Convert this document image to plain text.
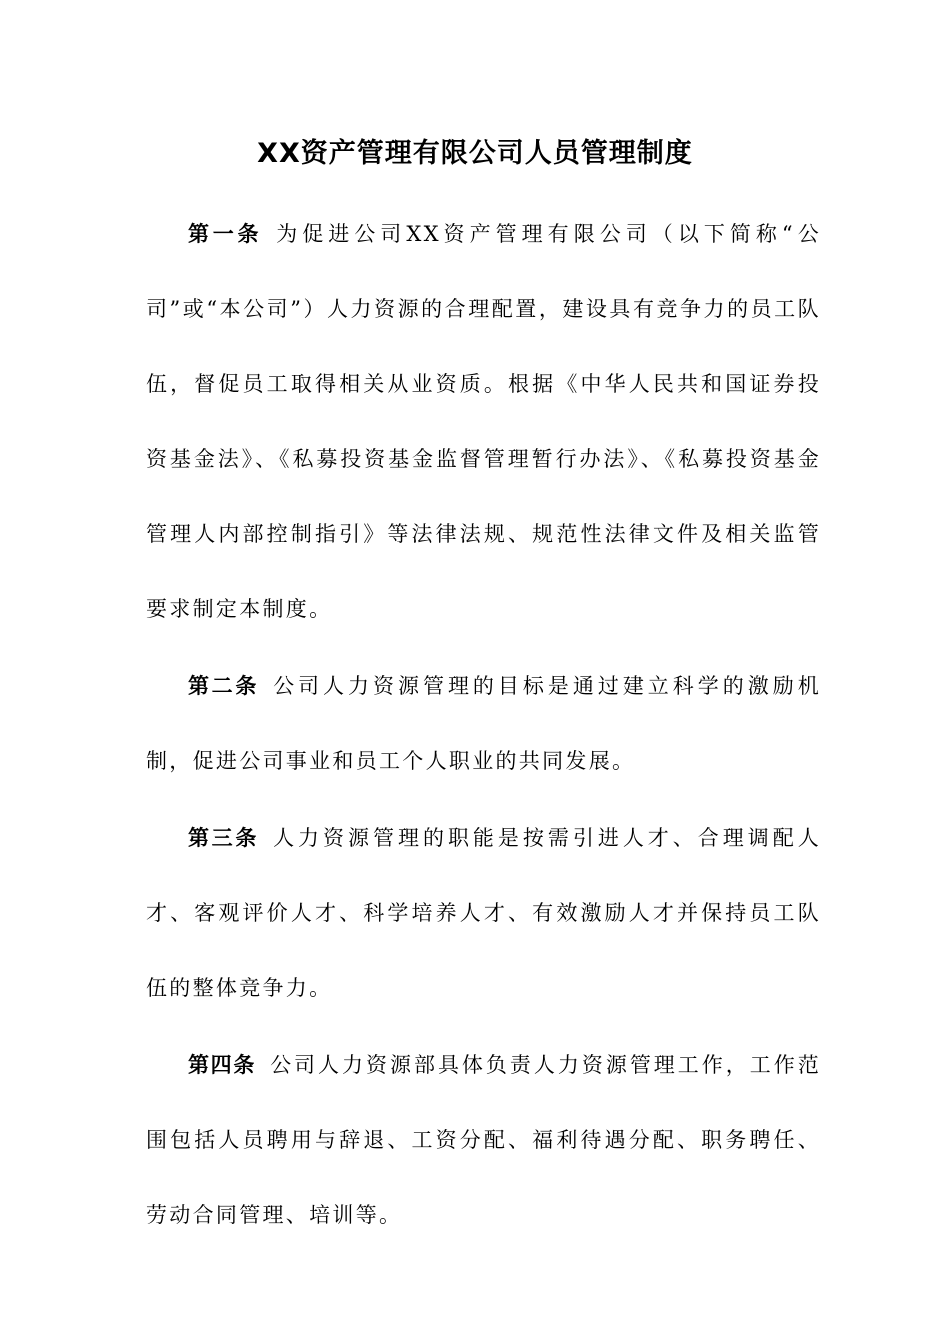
XX资产管理有限公司人员管理制度

第一条 为促进公司XX资产管理有限公司（以下简称“公司”或“本公司”）人力资源的合理配置，建设具有竞争力的员工队伍，督促员工取得相关从业资质。根据《中华人民共和国证券投资基金法》、《私募投资基金监督管理暂行办法》、《私募投资基金管理人内部控制指引》等法律法规、规范性法律文件及相关监管要求制定本制度。

第二条 公司人力资源管理的目标是通过建立科学的激励机制，促进公司事业和员工个人职业的共同发展。

第三条 人力资源管理的职能是按需引进人才、合理调配人才、客观评价人才、科学培养人才、有效激励人才并保持员工队伍的整体竞争力。

第四条 公司人力资源部具体负责人力资源管理工作，工作范围包括人员聘用与辞退、工资分配、福利待遇分配、职务聘任、劳动合同管理、培训等。
